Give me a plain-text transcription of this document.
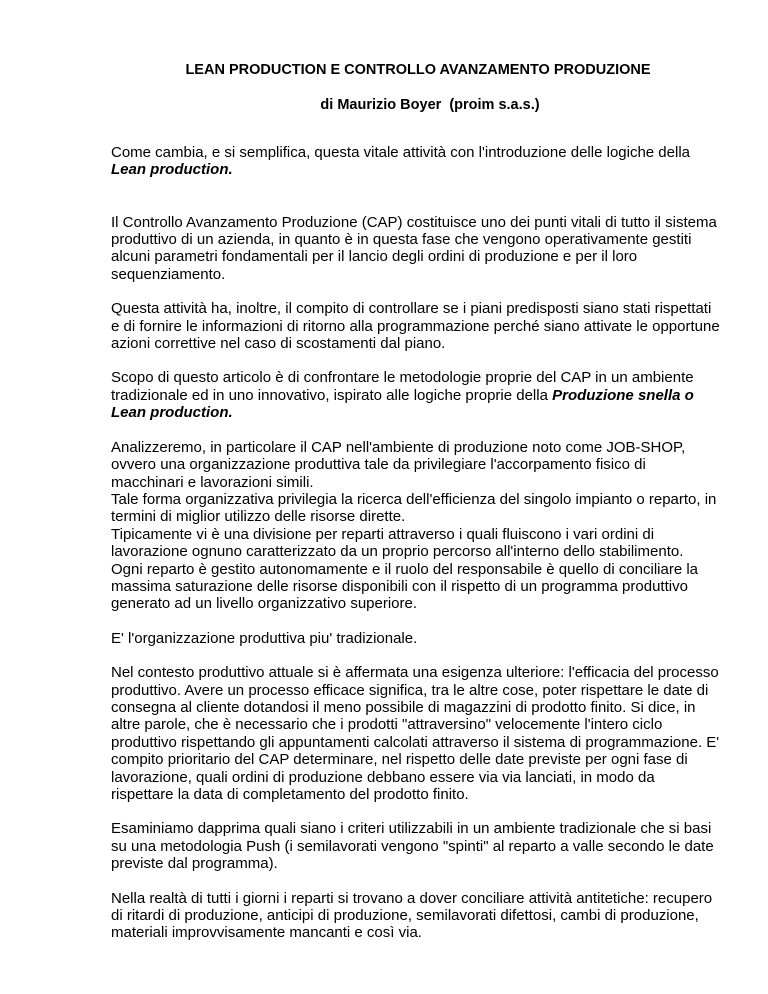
LEAN PRODUCTION E CONTROLLO AVANZAMENTO PRODUZIONE
di Maurizio Boyer  (proim s.a.s.)

Come cambia, e si semplifica, questa vitale attività con l'introduzione delle logiche della Lean production.

Il Controllo Avanzamento Produzione (CAP) costituisce uno dei punti vitali di tutto il sistema produttivo di un azienda, in quanto è in questa fase che vengono operativamente gestiti alcuni parametri fondamentali per il lancio degli ordini di produzione e per il loro sequenziamento.

Questa attività ha, inoltre, il compito di controllare se i piani predisposti siano stati rispettati e di fornire le informazioni di ritorno alla programmazione perché siano attivate le opportune azioni correttive nel caso di scostamenti dal piano.

Scopo di questo articolo è di confrontare le metodologie proprie del CAP in un ambiente tradizionale ed in uno innovativo, ispirato alle logiche proprie della Produzione snella o Lean production.

Analizzeremo, in particolare il CAP nell'ambiente di produzione noto come JOB-SHOP, ovvero una organizzazione produttiva tale da privilegiare l'accorpamento fisico di macchinari e lavorazioni simili.

Tale forma organizzativa privilegia la ricerca dell'efficienza del singolo impianto o reparto, in termini di miglior utilizzo delle risorse dirette.

Tipicamente vi è una divisione per reparti attraverso i quali fluiscono i vari ordini di lavorazione ognuno caratterizzato da un proprio percorso all'interno dello stabilimento.

Ogni reparto è gestito autonomamente e il ruolo del responsabile è quello di conciliare la massima saturazione delle risorse disponibili con il rispetto di un programma produttivo generato ad un livello organizzativo superiore.

E' l'organizzazione produttiva piu' tradizionale.

Nel contesto produttivo attuale si è affermata una esigenza ulteriore: l'efficacia del processo produttivo. Avere un processo efficace significa, tra le altre cose, poter rispettare le date di consegna al cliente dotandosi il meno possibile di magazzini di prodotto finito. Si dice, in altre parole, che è necessario che i prodotti "attraversino" velocemente l'intero ciclo produttivo rispettando gli appuntamenti calcolati attraverso il sistema di programmazione. E' compito prioritario del CAP determinare, nel rispetto delle date previste per ogni fase di lavorazione, quali ordini di produzione debbano essere via via lanciati, in modo da rispettare la data di completamento del prodotto finito.

Esaminiamo dapprima quali siano i criteri utilizzabili in un ambiente tradizionale che si basi su una metodologia Push (i semilavorati vengono "spinti" al reparto a valle secondo le date previste dal programma).

Nella realtà di tutti i giorni i reparti si trovano a dover conciliare attività antitetiche: recupero di ritardi di produzione, anticipi di produzione, semilavorati difettosi, cambi di produzione, materiali improvvisamente mancanti e così via.
